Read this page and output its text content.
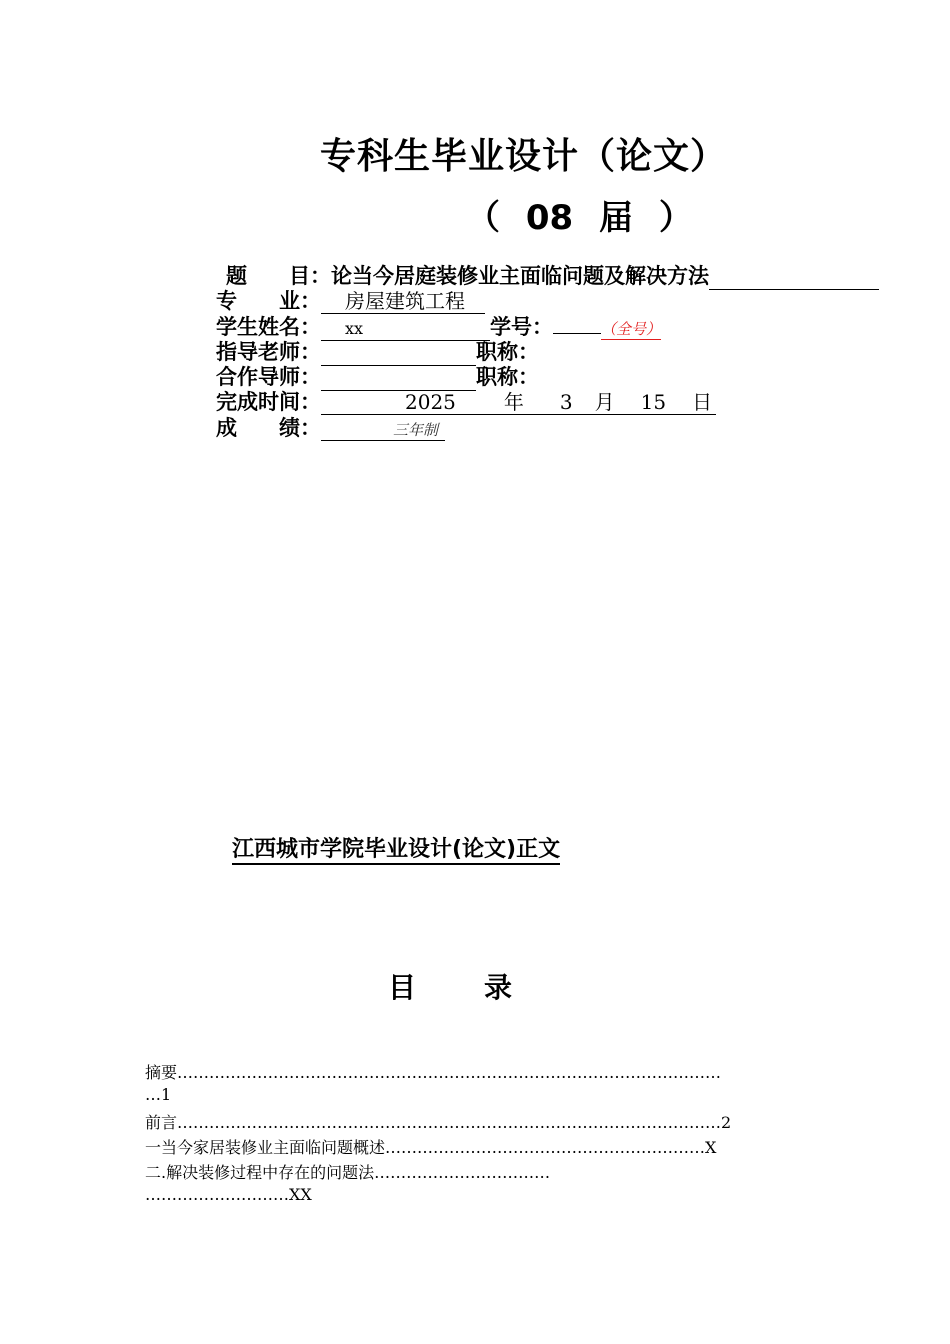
专科生毕业设计（论文）
（ 08 届 ）
题　　目：论当今居庭装修业主面临问题及解决方法
专　　业： 房屋建筑工程
学生姓名： xx	学号：	（全号）
指导老师：	职称：
合作导师：	职称：
完成时间：	2025 年 3 月 15 日
成　　绩：	三年制
江西城市学院毕业设计(论文)正文
目 录
摘要…………………………………………………………………………………………
…1
前言…………………………………………………………………………………………2
一当今家居装修业主面临问题概述……………………………………………………X
二.解决装修过程中存在的问题法……………………………
………………………XX
